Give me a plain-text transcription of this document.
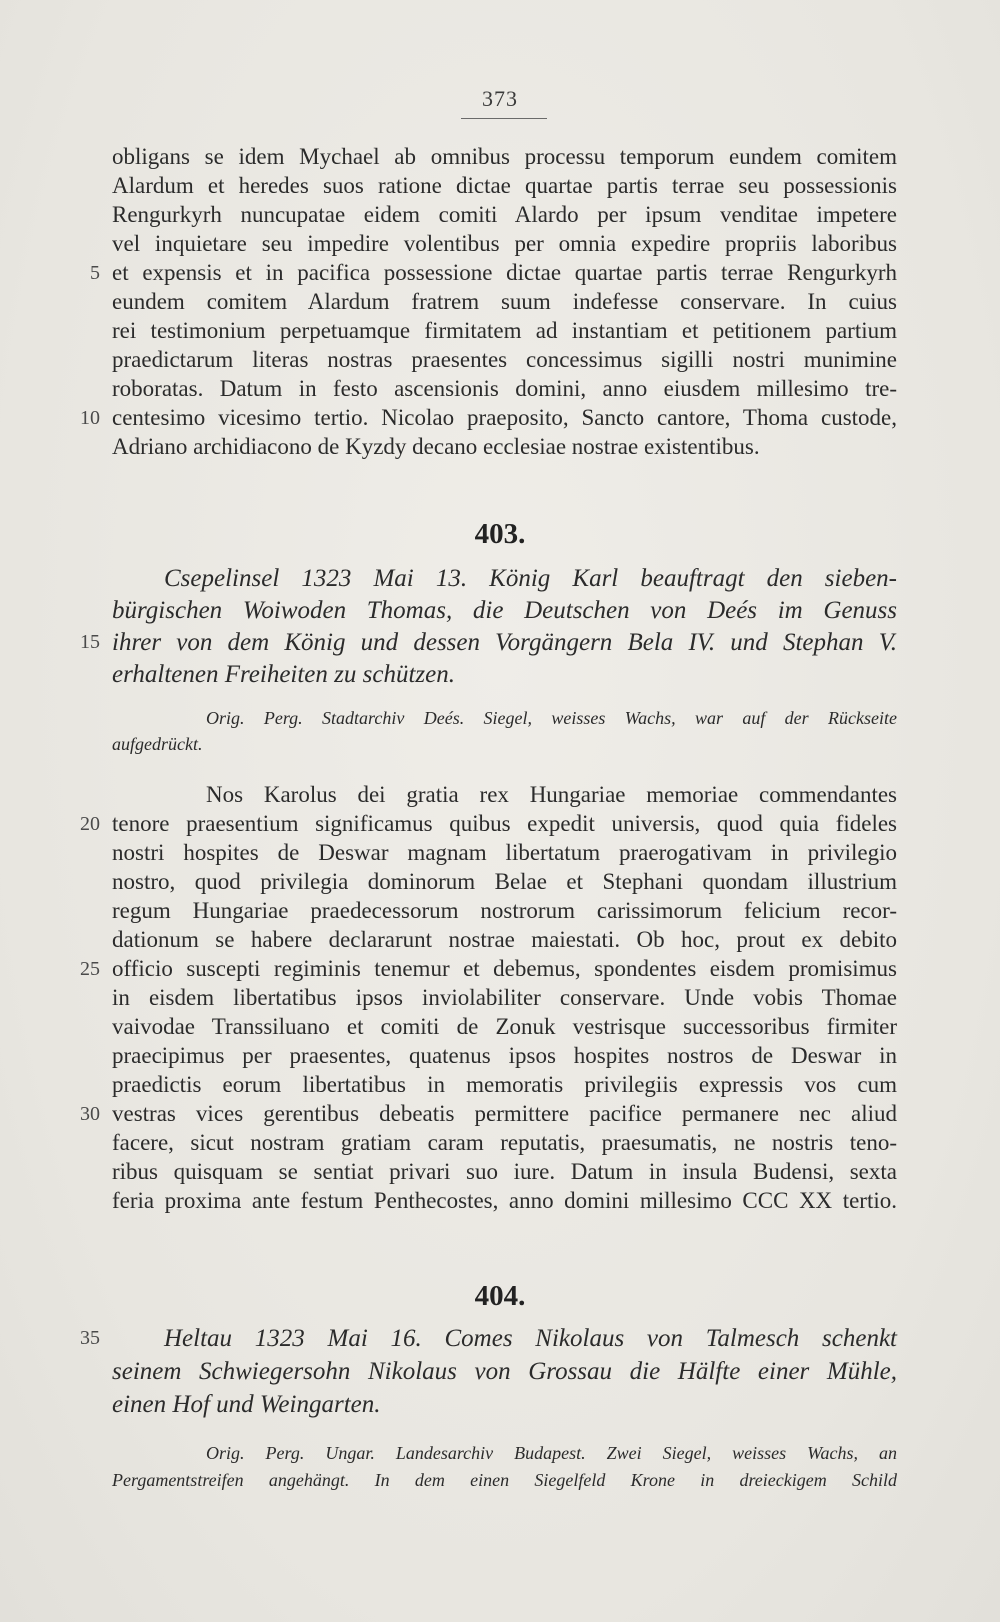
373
obligans se idem Mychael ab omnibus processu temporum eundem comitem
Alardum et heredes suos ratione dictae quartae partis terrae seu possessionis
Rengurkyrh nuncupatae eidem comiti Alardo per ipsum venditae impetere
vel inquietare seu impedire volentibus per omnia expedire propriis laboribus
et expensis et in pacifica possessione dictae quartae partis terrae Rengurkyrh
eundem comitem Alardum fratrem suum indefesse conservare. In cuius
rei testimonium perpetuamque firmitatem ad instantiam et petitionem partium
praedictarum literas nostras praesentes concessimus sigilli nostri munimine
roboratas. Datum in festo ascensionis domini, anno eiusdem millesimo tre-
centesimo vicesimo tertio. Nicolao praeposito, Sancto cantore, Thoma custode,
Adriano archidiacono de Kyzdy decano ecclesiae nostrae existentibus.
403.
Csepelinsel 1323 Mai 13. König Karl beauftragt den sieben-
bürgischen Woiwoden Thomas, die Deutschen von Deés im Genuss
ihrer von dem König und dessen Vorgängern Bela IV. und Stephan V.
erhaltenen Freiheiten zu schützen.
Orig. Perg. Stadtarchiv Deés. Siegel, weisses Wachs, war auf der Rückseite
aufgedrückt.
Nos Karolus dei gratia rex Hungariae memoriae commendantes
tenore praesentium significamus quibus expedit universis, quod quia fideles
nostri hospites de Deswar magnam libertatum praerogativam in privilegio
nostro, quod privilegia dominorum Belae et Stephani quondam illustrium
regum Hungariae praedecessorum nostrorum carissimorum felicium recor-
dationum se habere declararunt nostrae maiestati. Ob hoc, prout ex debito
officio suscepti regiminis tenemur et debemus, spondentes eisdem promisimus
in eisdem libertatibus ipsos inviolabiliter conservare. Unde vobis Thomae
vaivodae Transsiluano et comiti de Zonuk vestrisque successoribus firmiter
praecipimus per praesentes, quatenus ipsos hospites nostros de Deswar in
praedictis eorum libertatibus in memoratis privilegiis expressis vos cum
vestras vices gerentibus debeatis permittere pacifice permanere nec aliud
facere, sicut nostram gratiam caram reputatis, praesumatis, ne nostris teno-
ribus quisquam se sentiat privari suo iure. Datum in insula Budensi, sexta
feria proxima ante festum Penthecostes, anno domini millesimo CCC XX tertio.
404.
Heltau 1323 Mai 16. Comes Nikolaus von Talmesch schenkt
seinem Schwiegersohn Nikolaus von Grossau die Hälfte einer Mühle,
einen Hof und Weingarten.
Orig. Perg. Ungar. Landesarchiv Budapest. Zwei Siegel, weisses Wachs, an
Pergamentstreifen angehängt. In dem einen Siegelfeld Krone in dreieckigem Schild
5
10
15
20
25
30
35
